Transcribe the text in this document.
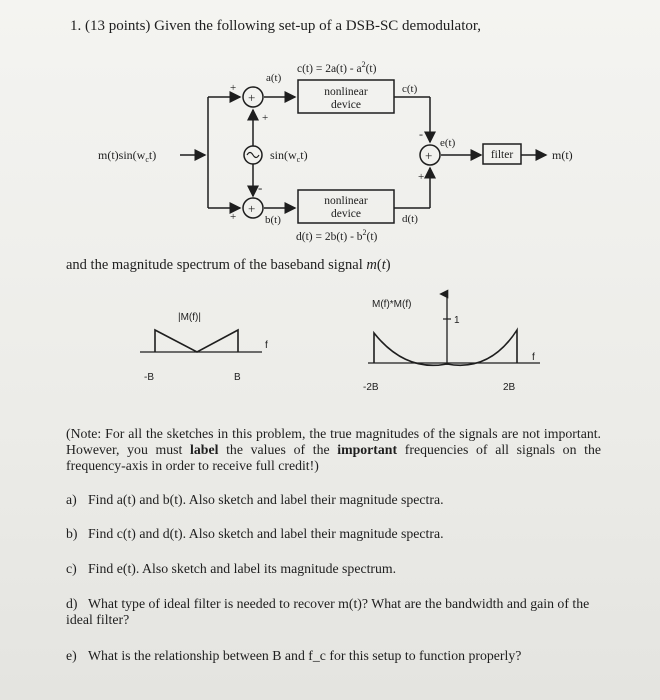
1. (13 points) Given the following set-up of a DSB-SC demodulator,
$m(t)\sin(w_ct)$
+
+
+
a(t)
$\sin(w_ct)$
+
+
-
b(t)
$c(t) = 2a(t) - a^2(t)$
nonlinear
device
c(t)
nonlinear
device
$d(t) = 2b(t) - b^2(t)$
d(t)
+
-
+
e(t)
filter	m(t)
and the magnitude spectrum of the baseband signal m(t)
|M(f)|
f
-B	B
M(f)*M(f)
1
f
-2B	2B
(Note: For all the sketches in this problem, the true magnitudes of the signals are not important. However, you must label the values of the important frequencies of all signals on the frequency-axis in order to receive full credit!)
a) Find a(t) and b(t). Also sketch and label their magnitude spectra.
b) Find c(t) and d(t). Also sketch and label their magnitude spectra.
c) Find e(t). Also sketch and label its magnitude spectrum.
d) What type of ideal filter is needed to recover m(t)? What are the bandwidth and gain of the ideal filter?
e) What is the relationship between B and f_c for this setup to function properly?
